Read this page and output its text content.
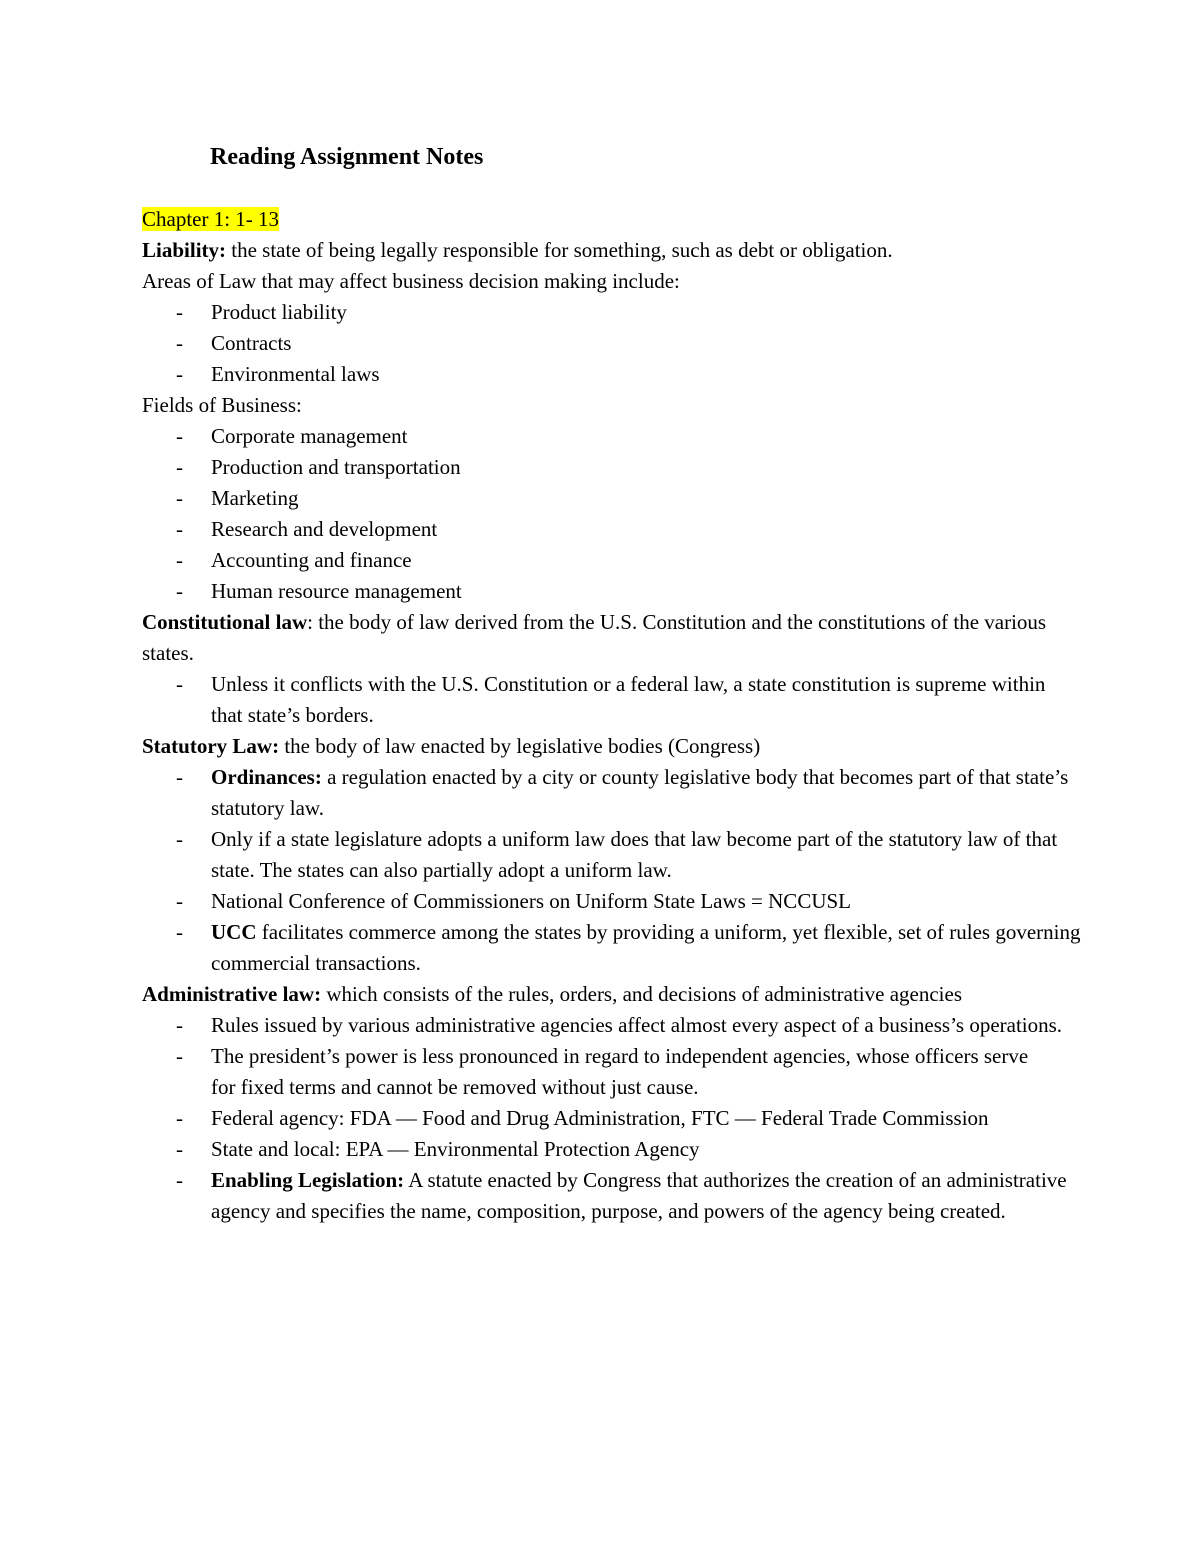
Reading Assignment Notes
Chapter 1: 1- 13
Liability: the state of being legally responsible for something, such as debt or obligation.
Areas of Law that may affect business decision making include:
- Product liability
- Contracts
- Environmental laws
Fields of Business:
- Corporate management
- Production and transportation
- Marketing
- Research and development
- Accounting and finance
- Human resource management
Constitutional law: the body of law derived from the U.S. Constitution and the constitutions of the various states.
- Unless it conflicts with the U.S. Constitution or a federal law, a state constitution is supreme within that state’s borders.
Statutory Law: the body of law enacted by legislative bodies (Congress)
- Ordinances: a regulation enacted by a city or county legislative body that becomes part of that state’s statutory law.
- Only if a state legislature adopts a uniform law does that law become part of the statutory law of that state. The states can also partially adopt a uniform law.
- National Conference of Commissioners on Uniform State Laws = NCCUSL
- UCC facilitates commerce among the states by providing a uniform, yet flexible, set of rules governing commercial transactions.
Administrative law: which consists of the rules, orders, and decisions of administrative agencies
- Rules issued by various administrative agencies affect almost every aspect of a business’s operations.
- The president’s power is less pronounced in regard to independent agencies, whose officers serve
for fixed terms and cannot be removed without just cause.
- Federal agency: FDA — Food and Drug Administration, FTC — Federal Trade Commission
- State and local: EPA — Environmental Protection Agency
- Enabling Legislation: A statute enacted by Congress that authorizes the creation of an administrative agency and specifies the name, composition, purpose, and powers of the agency being created.
